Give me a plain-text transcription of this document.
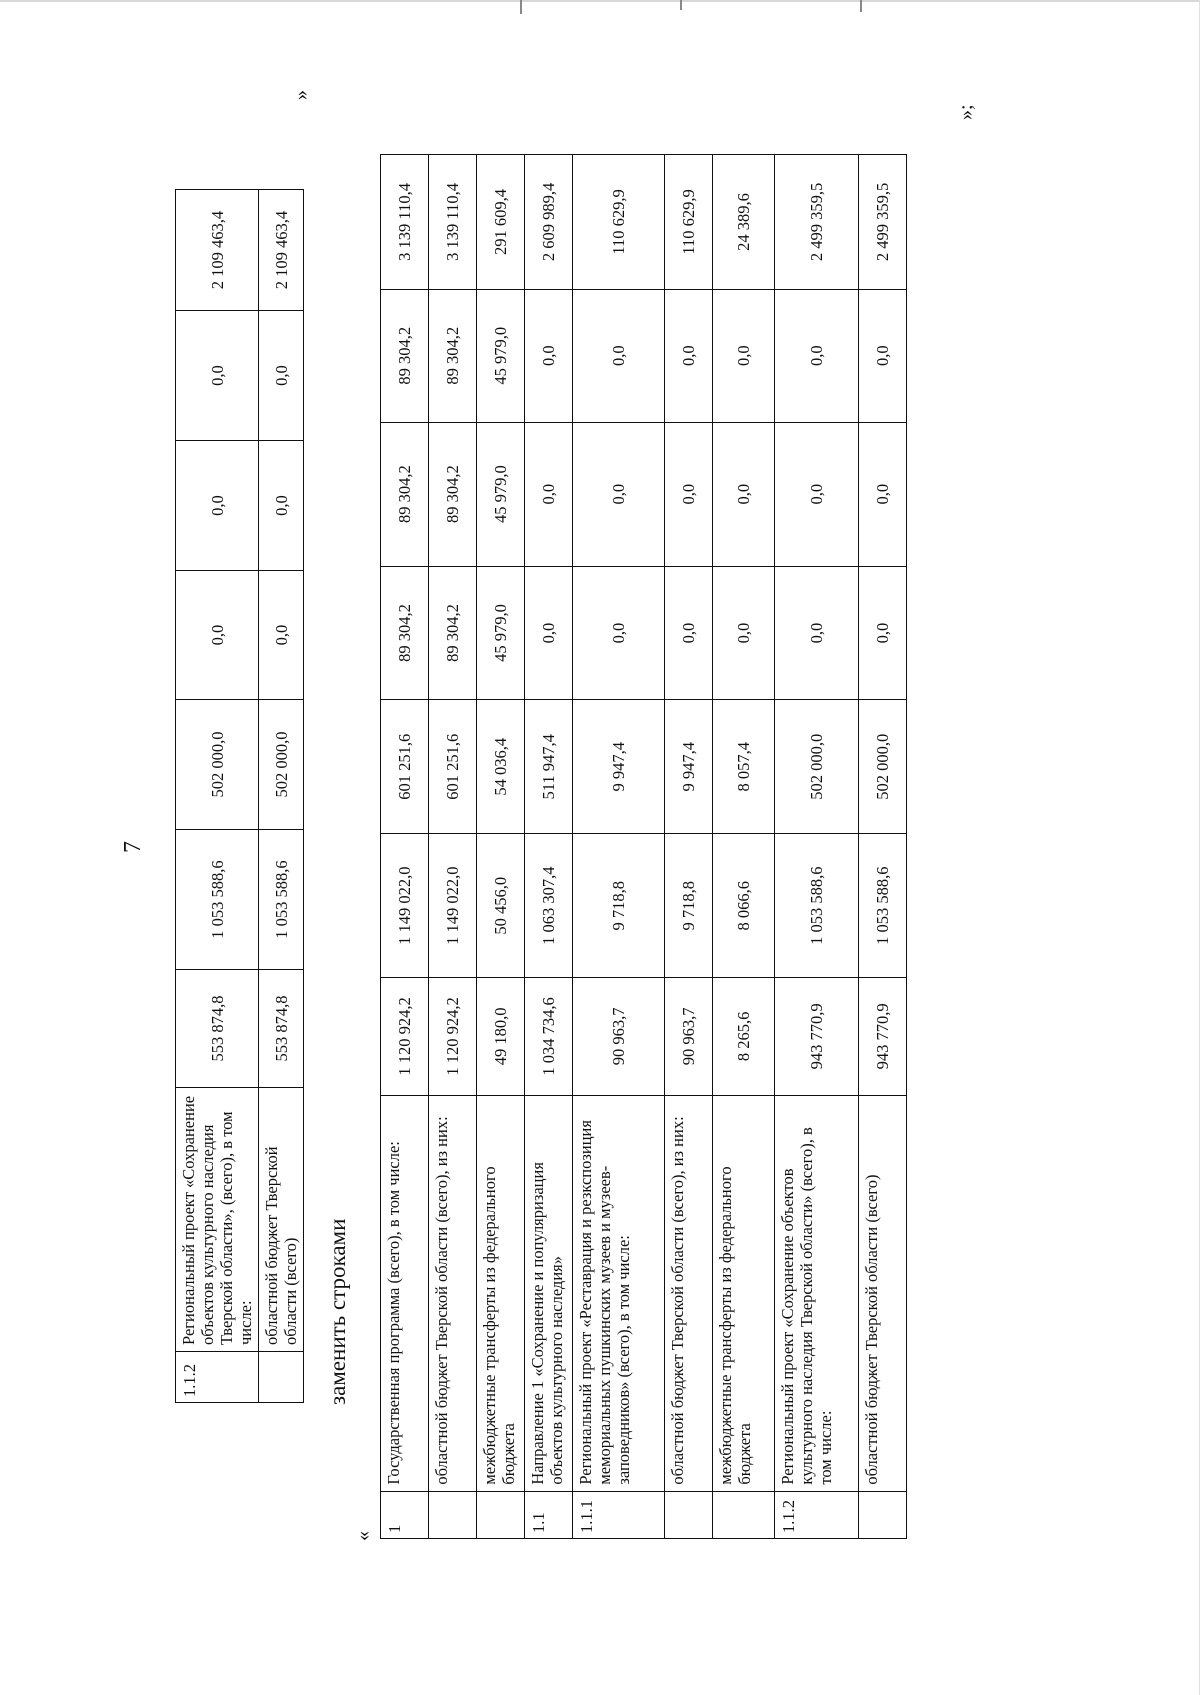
7
1.1.2	Региональный проект «Сохранение объектов культурного наследия Тверской области», (всего), в том числе:	553 874,8	1 053 588,6	502 000,0	0,0	0,0	0,0	2 109 463,4
	областной бюджет Тверской области (всего)	553 874,8	1 053 588,6	502 000,0	0,0	0,0	0,0	2 109 463,4
»
заменить строками
«
1	Государственная программа (всего), в том числе:	1 120 924,2	1 149 022,0	601 251,6	89 304,2	89 304,2	89 304,2	3 139 110,4
	областной бюджет Тверской области (всего), из них:	1 120 924,2	1 149 022,0	601 251,6	89 304,2	89 304,2	89 304,2	3 139 110,4
	межбюджетные трансферты из федерального бюджета	49 180,0	50 456,0	54 036,4	45 979,0	45 979,0	45 979,0	291 609,4
1.1	Направление 1 «Сохранение и популяризация объектов культурного наследия»	1 034 734,6	1 063 307,4	511 947,4	0,0	0,0	0,0	2 609 989,4
1.1.1	Региональный проект «Реставрация и резкспозиция мемориальных пушкинских музеев и музеев-заповедников» (всего), в том числе:	90 963,7	9 718,8	9 947,4	0,0	0,0	0,0	110 629,9
	областной бюджет Тверской области (всего), из них:	90 963,7	9 718,8	9 947,4	0,0	0,0	0,0	110 629,9
	межбюджетные трансферты из федерального бюджета	8 265,6	8 066,6	8 057,4	0,0	0,0	0,0	24 389,6
1.1.2	Региональный проект «Сохранение объектов культурного наследия Тверской области» (всего), в том числе:	943 770,9	1 053 588,6	502 000,0	0,0	0,0	0,0	2 499 359,5
	областной бюджет Тверской области (всего)	943 770,9	1 053 588,6	502 000,0	0,0	0,0	0,0	2 499 359,5
»;
